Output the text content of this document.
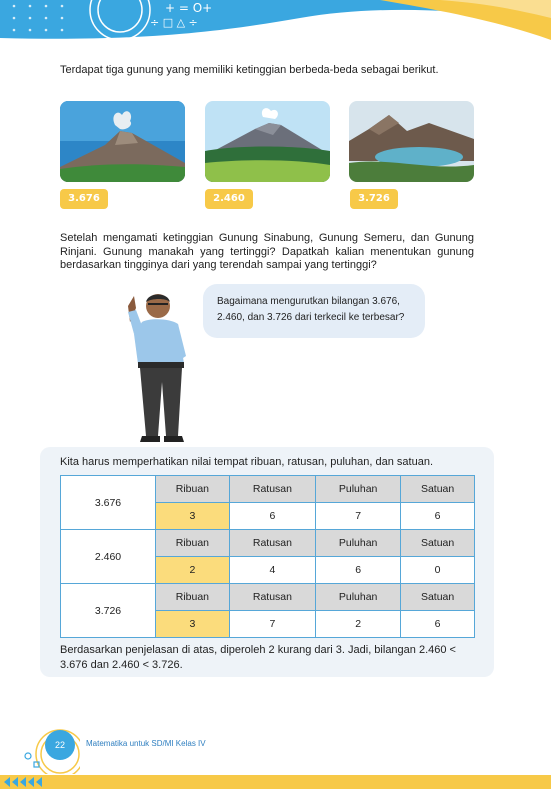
+ = O+
÷ □ △ ÷
Terdapat tiga gunung yang memiliki ketinggian berbeda-beda sebagai berikut.
3.676	2.460	3.726
Setelah mengamati ketinggian Gunung Sinabung, Gunung Semeru, dan Gunung Rinjani. Gunung manakah yang tertinggi? Dapatkah kalian menentukan gunung berdasarkan tingginya dari yang terendah sampai yang tertinggi?
Bagaimana mengurutkan bilangan 3.676, 2.460, dan 3.726 dari terkecil ke terbesar?
Kita harus memperhatikan nilai tempat ribuan, ratusan, puluhan, dan satuan.
3.676	Ribuan	Ratusan	Puluhan	Satuan
	3	6	7	6
2.460	Ribuan	Ratusan	Puluhan	Satuan
	2	4	6	0
3.726	Ribuan	Ratusan	Puluhan	Satuan
	3	7	2	6
Berdasarkan penjelasan di atas, diperoleh 2 kurang dari 3. Jadi, bilangan 2.460 < 3.676 dan 2.460 < 3.726.
22	Matematika untuk SD/MI Kelas IV
